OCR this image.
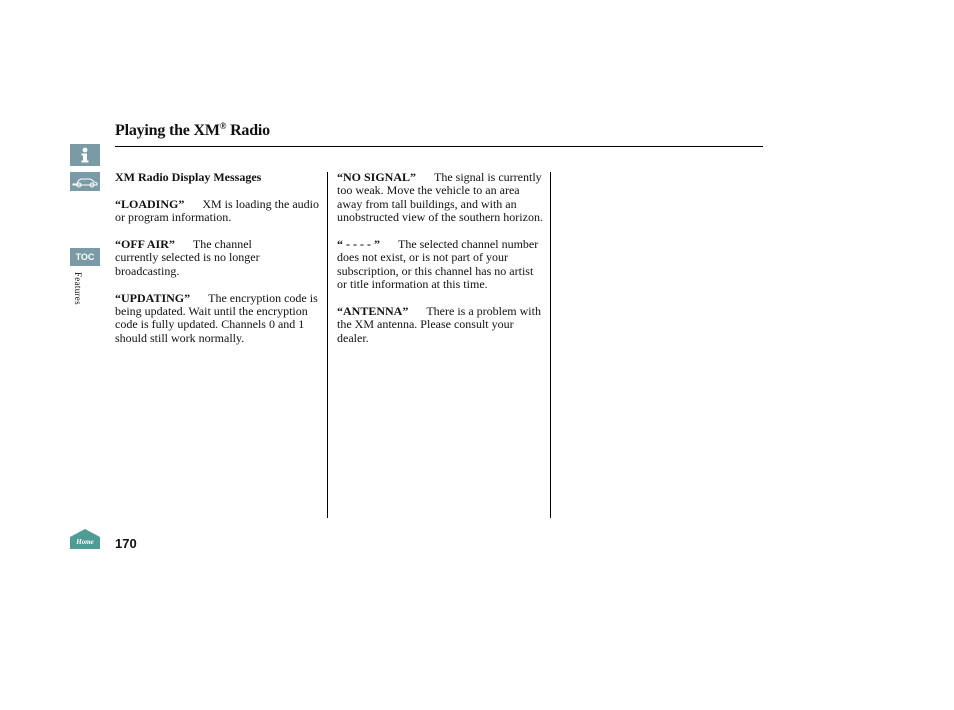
Playing the XM® Radio
TOC
Features
Home

XM Radio Display Messages

“LOADING” XM is loading the audio or program information.

“OFF AIR” The channel currently selected is no longer broadcasting.

“UPDATING” The encryption code is being updated. Wait until the encryption code is fully updated. Channels 0 and 1 should still work normally.

“NO SIGNAL” The signal is currently too weak. Move the vehicle to an area away from tall buildings, and with an unobstructed view of the southern horizon.

“ - - - - ” The selected channel number does not exist, or is not part of your subscription, or this channel has no artist or title information at this time.

“ANTENNA” There is a problem with the XM antenna. Please consult your dealer.

170
